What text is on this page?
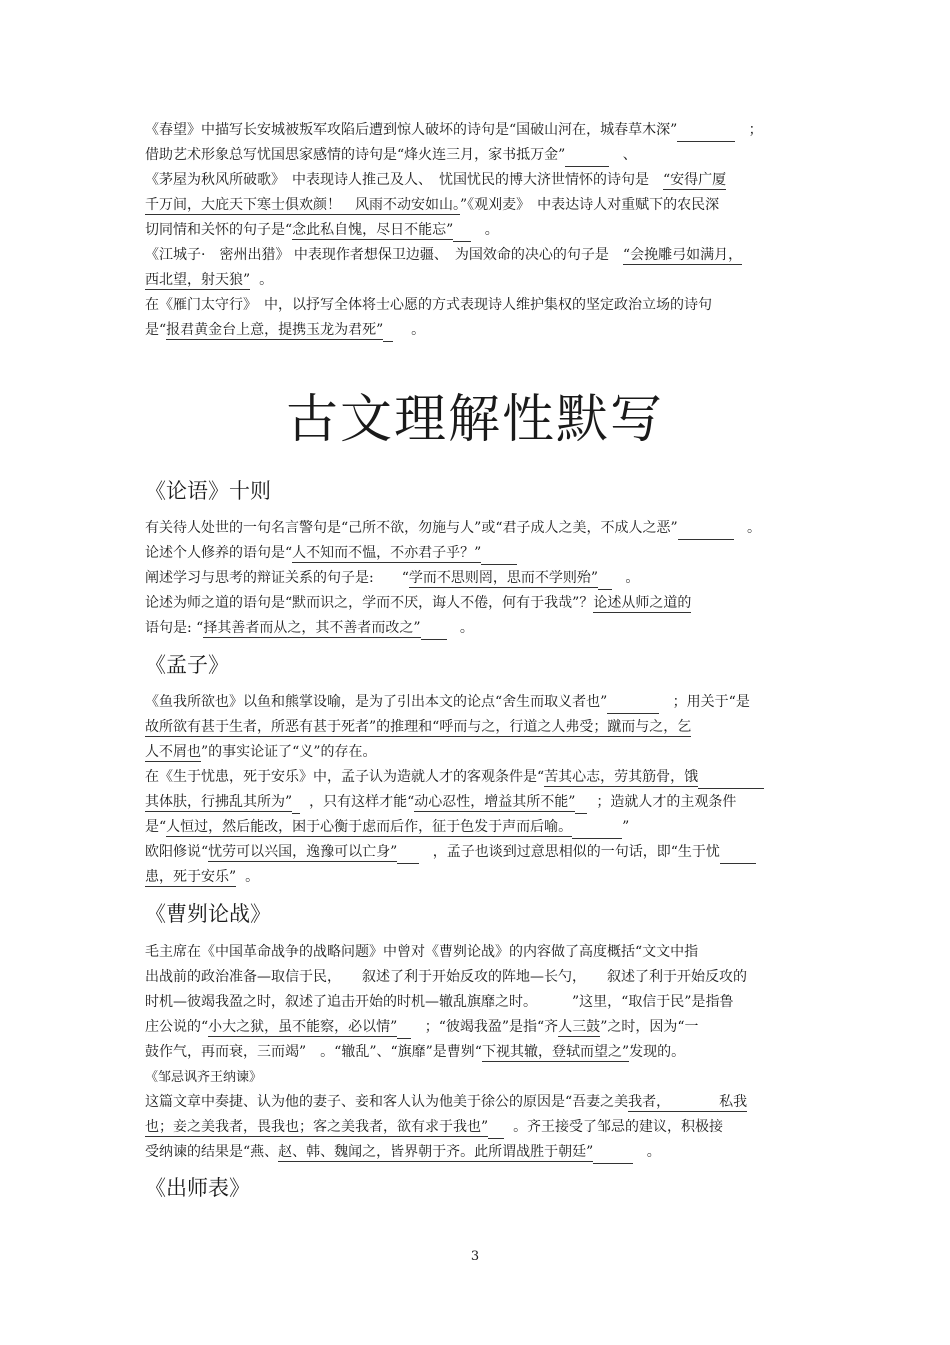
《春望》中描写长安城被叛军攻陷后遭到惊人破坏的诗句是“国破山河在，城春草木深”	；
借助艺术形象总写忧国思家感情的诗句是“烽火连三月，家书抵万金”	、
《茅屋为秋风所破歌》　中表现诗人推己及人、　忧国忧民的博大济世情怀的诗句是　“安得广厦
千万间，大庇天下寒士俱欢颜！　风雨不动安如山。”《观刈麦》　中表达诗人对重赋下的农民深
切同情和关怀的句子是“念此私自愧，尽日不能忘” 。
《江城子·　密州出猎》 中表现作者想保卫边疆、　为国效命的决心的句子是　“会挽雕弓如满月，
西北望，射天狼” 。
在《雁门太守行》　中，以抒写全体将士心愿的方式表现诗人维护集权的坚定政治立场的诗句
是“报君黄金台上意，提携玉龙为君死” 。
古文理解性默写
《论语》十则
有关待人处世的一句名言警句是“己所不欲，勿施与人”或“君子成人之美，不成人之恶”	。
论述个人修养的语句是“人不知而不愠，不亦君子乎？”
阐述学习与思考的辩证关系的句子是:　　“学而不思则罔，思而不学则殆” 。
论述为师之道的语句是“默而识之，学而不厌，诲人不倦，何有于我哉”？论述从师之道的
语句是: “择其善者而从之，其不善者而改之”	。
《孟子》
《鱼我所欲也》以鱼和熊掌设喻，是为了引出本文的论点“舍生而取义者也”	；用关于“是
故所欲有甚于生者，所恶有甚于死者”的推理和“呼而与之，行道之人弗受；蹴而与之，乞
人不屑也”的事实论证了“义”的存在。
在《生于忧患，死于安乐》中，孟子认为造就人才的客观条件是“苦其心志，劳其筋骨，饿
其体肤，行拂乱其所为” ，只有这样才能“动心忍性，增益其所不能” ；造就人才的主观条件
是“人恒过，然后能改，困于心衡于虑而后作，征于色发于声而后喻。	”
欧阳修说“忧劳可以兴国，逸豫可以亡身”	，孟子也谈到过意思相似的一句话，即“生于忧
患，死于安乐” 。
《曹刿论战》
毛主席在《中国革命战争的战略问题》中曾对《曹刿论战》的内容做了高度概括“文文中指
出战前的政治准备—取信于民，　　叙述了利于开始反攻的阵地—长勺，　　叙述了利于开始反攻的
时机—彼竭我盈之时，叙述了追击开始的时机—辙乱旗靡之时。　　　”这里，“取信于民”是指鲁
庄公说的“小大之狱，虽不能察，必以情” ；“彼竭我盈”是指“齐人三鼓”之时，因为“一
鼓作气，再而衰，三而竭”　。“辙乱”、“旗靡”是曹刿“下视其辙，登轼而望之”发现的。
《邹忌讽齐王纳谏》
这篇文章中奏捷、认为他的妻子、妾和客人认为他美于徐公的原因是“吾妻之美我者，　　　　私我
也；妾之美我者，畏我也；客之美我者，欲有求于我也” 。齐王接受了邹忌的建议，积极接
受纳谏的结果是“燕、赵、韩、魏闻之，皆界朝于齐。此所谓战胜于朝廷”	。
《出师表》
3
